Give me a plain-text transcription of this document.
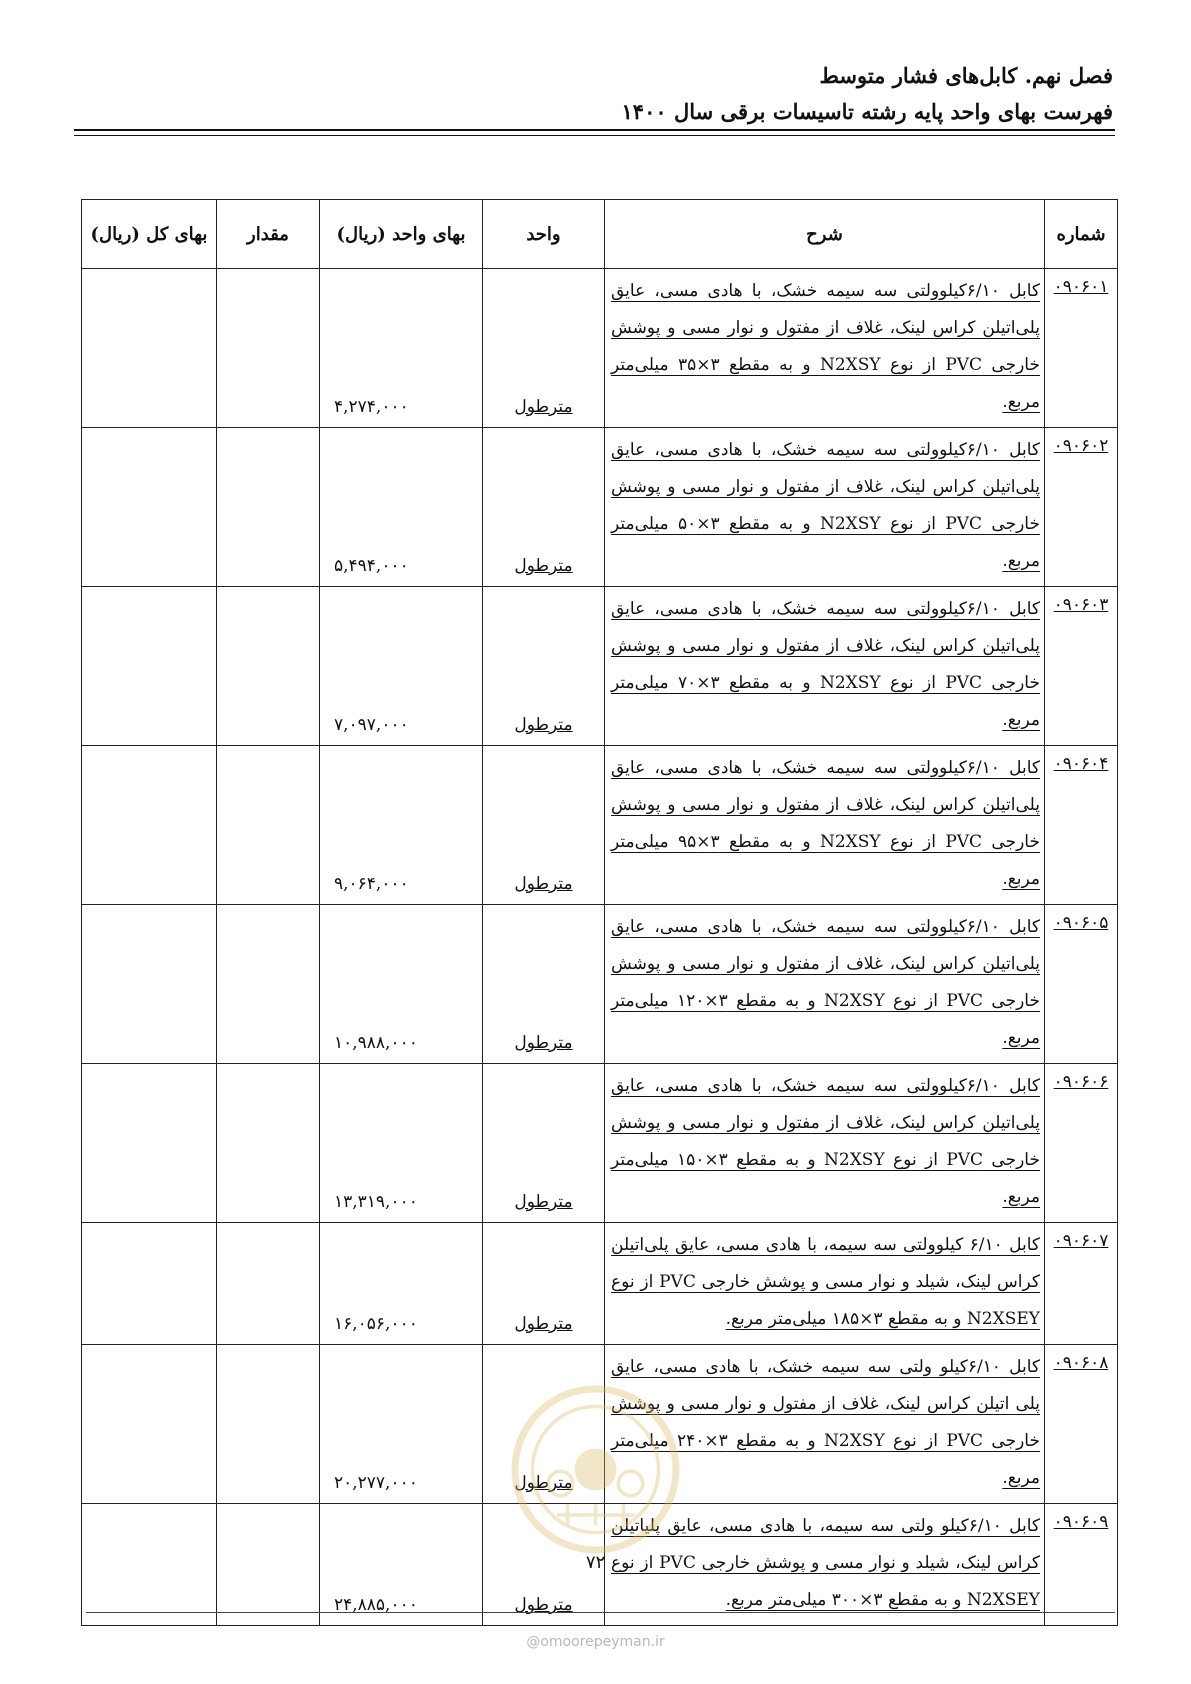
فصل نهم. کابل‌های فشار متوسط
فهرست بهای واحد پایه رشته تاسیسات برقی سال ۱۴۰۰
شماره	شرح	واحد	بهای واحد (ریال)	مقدار	بهای کل (ریال)
۰۹۰۶۰۱	کابل ۶/۱۰کیلوولتی سه سیمه خشک، با هادی مسی، عایق پلی‌اتیلن کراس لینک، غلاف از مفتول و نوار مسی و پوشش خارجی PVC از نوع N2XSY و به مقطع ۳×۳۵ میلی‌متر مربع.	مترطول	۴,۲۷۴,۰۰۰		

۰۹۰۶۰۲	کابل ۶/۱۰کیلوولتی سه سیمه خشک، با هادی مسی، عایق پلی‌اتیلن کراس لینک، غلاف از مفتول و نوار مسی و پوشش خارجی PVC از نوع N2XSY و به مقطع ۳×۵۰ میلی‌متر مربع.	مترطول	۵,۴۹۴,۰۰۰		

۰۹۰۶۰۳	کابل ۶/۱۰کیلوولتی سه سیمه خشک، با هادی مسی، عایق پلی‌اتیلن کراس لینک، غلاف از مفتول و نوار مسی و پوشش خارجی PVC از نوع N2XSY و به مقطع ۳×۷۰ میلی‌متر مربع.	مترطول	۷,۰۹۷,۰۰۰		

۰۹۰۶۰۴	کابل ۶/۱۰کیلوولتی سه سیمه خشک، با هادی مسی، عایق پلی‌اتیلن کراس لینک، غلاف از مفتول و نوار مسی و پوشش خارجی PVC از نوع N2XSY و به مقطع ۳×۹۵ میلی‌متر مربع.	مترطول	۹,۰۶۴,۰۰۰		

۰۹۰۶۰۵	کابل ۶/۱۰کیلوولتی سه سیمه خشک، با هادی مسی، عایق پلی‌اتیلن کراس لینک، غلاف از مفتول و نوار مسی و پوشش خارجی PVC از نوع N2XSY و به مقطع ۳×۱۲۰ میلی‌متر مربع.	مترطول	۱۰,۹۸۸,۰۰۰		

۰۹۰۶۰۶	کابل ۶/۱۰کیلوولتی سه سیمه خشک، با هادی مسی، عایق پلی‌اتیلن کراس لینک، غلاف از مفتول و نوار مسی و پوشش خارجی PVC از نوع N2XSY و به مقطع ۳×۱۵۰ میلی‌متر مربع.	مترطول	۱۳,۳۱۹,۰۰۰		

۰۹۰۶۰۷	کابل ۶/۱۰ کیلوولتی سه سیمه، با هادی مسی، عایق پلی‌اتیلن کراس لینک، شیلد و نوار مسی و پوشش خارجی PVC از نوع N2XSEY و به مقطع ۳×۱۸۵ میلی‌متر مربع.	مترطول	۱۶,۰۵۶,۰۰۰		

۰۹۰۶۰۸	کابل ۶/۱۰کیلو ولتی سه سیمه خشک، با هادی مسی، عایق پلی اتیلن کراس لینک، غلاف از مفتول و نوار مسی و پوشش خارجی PVC از نوع N2XSY و به مقطع ۳×۲۴۰ میلی‌متر مربع.	مترطول	۲۰,۲۷۷,۰۰۰		

۰۹۰۶۰۹	کابل ۶/۱۰کیلو ولتی سه سیمه، با هادی مسی، عایق پلیاتیلن کراس لینک، شیلد و نوار مسی و پوشش خارجی PVC از نوع N2XSEY و به مقطع ۳×۳۰۰ میلی‌متر مربع.	مترطول	۲۴,۸۸۵,۰۰۰		

۷۲
@omoorepeyman.ir
